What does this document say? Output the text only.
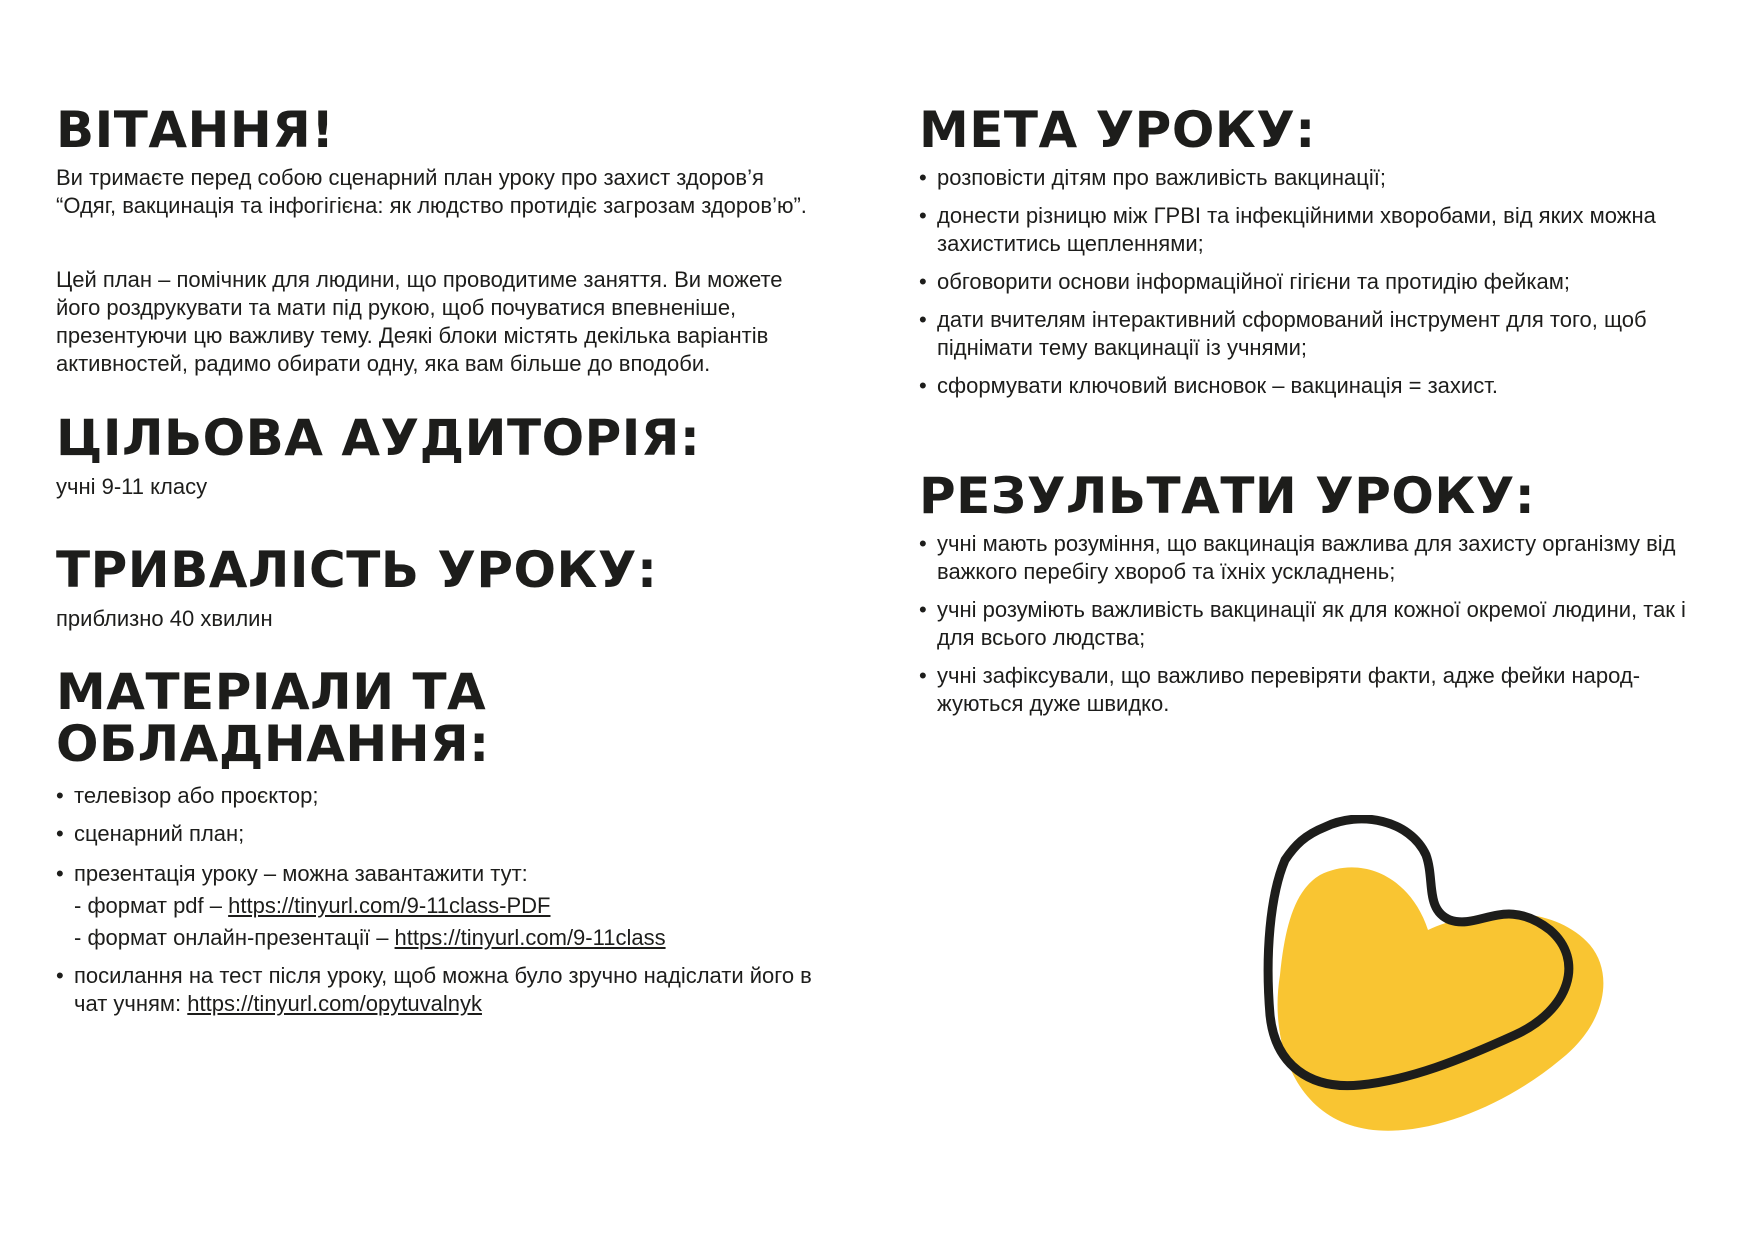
ВІТАННЯ!

Ви тримаєте перед собою сценарний план уроку про захист здоров’я “Одяг, вакцинація та інфогігієна: як людство протидіє загрозам здоров’ю”.

Цей план – помічник для людини, що проводитиме заняття. Ви можете його роздрукувати та мати під рукою, щоб почуватися впевненіше, презентуючи цю важливу тему. Деякі блоки містять декілька варіантів активностей, радимо обирати одну, яка вам більше до вподоби.

ЦІЛЬОВА АУДИТОРІЯ:

учні 9-11 класу

ТРИВАЛІСТЬ УРОКУ:

приблизно 40 хвилин

МАТЕРІАЛИ ТА
ОБЛАДНАННЯ:
• телевізор або проєктор;
• сценарний план;
• презентація уроку – можна завантажити тут:
- формат pdf – https://tinyurl.com/9-11class-PDF
- формат онлайн-презентації – https://tinyurl.com/9-11class
• посилання на тест після уроку, щоб можна було зручно надіслати його в чат учням: https://tinyurl.com/opytuvalnyk
МЕТА УРОКУ:
• розповісти дітям про важливість вакцинації;
• донести різницю між ГРВІ та інфекційними хворобами, від яких можна захиститись щепленнями;
• обговорити основи інформаційної гігієни та протидію фейкам;
• дати вчителям інтерактивний сформований інструмент для того, щоб піднімати тему вакцинації із учнями;
• сформувати ключовий висновок – вакцинація = захист.
РЕЗУЛЬТАТИ УРОКУ:
• учні мають розуміння, що вакцинація важлива для захисту організму від важкого перебігу хвороб та їхніх ускладнень;
• учні розуміють важливість вакцинації як для кожної окремої людини, так і для всього людства;
• учні зафіксували, що важливо перевіряти факти, адже фейки народ-жуються дуже швидко.
